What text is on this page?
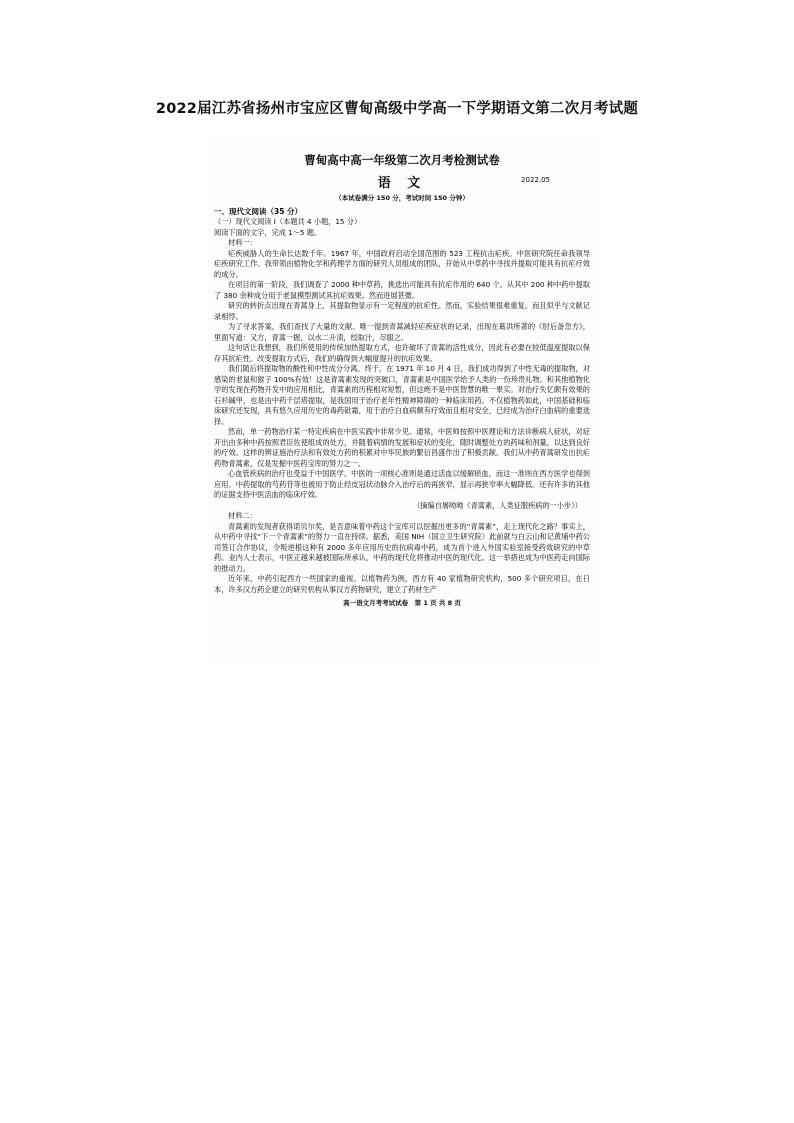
2022届江苏省扬州市宝应区曹甸高级中学高一下学期语文第二次月考试题
曹甸高中高一年级第二次月考检测试卷
语 文	2022.05
（本试卷满分 150 分，考试时间 150 分钟）
一、现代文阅读（35 分）
（一）现代文阅读 I（本题共 4 小题，15 分）
阅读下面的文字，完成 1～5 题。
材料一：

疟疾威胁人的生命长达数千年。1967 年，中国政府启动全国范围的 523 工程抗击疟疾。中医研究院任命我领导疟疾研究工作。我带领由植物化学和药理学方面的研究人员组成的团队，开始从中草药中寻找并提取可能具有抗疟疗效的成分。

在项目的第一阶段，我们调查了 2000 种中草药，挑选出可能具有抗疟作用的 640 个。从其中 200 种中药中提取了 380 余种成分用于老鼠模型测试其抗疟效果。然而进展甚微。

研究的转折点出现在青蒿身上，其提取物显示有一定程度的抗疟性。然而，实验结果很难重复，而且似乎与文献记录相悖。

为了寻求答案，我们查找了大量的文献。唯一提到青蒿减轻疟疾症状的记录，出现在葛洪所著的《肘后备急方》，里面写道：又方，青蒿一握，以水二升渍，绞取汁，尽服之。

这句话让我想到，我们所使用的传统加热提取方式，也许破坏了青蒿的活性成分，因此有必要在较低温度提取以保存其抗疟性。改变提取方式后，我们的确得到大幅度提升的抗疟效果。

我们随后将提取物的酸性和中性成分分离。终于，在 1971 年 10 月 4 日，我们成功得到了中性无毒的提取物，对感染的老鼠和猴子 100%有效！这是青蒿素发现的突破口，青蒿素是中国医学给予人类的一份珍贵礼物。和其他植物化学的发现在药物开发中的应用相比，青蒿素的历程相对短暂，但这绝不是中医智慧的唯一果实。对治疗失忆颇有效果的石杉碱甲，也是由中药千层塔提取，是我国用于治疗老年性精神障碍的一种临床用药。不仅植物药如此，中国基础和临床研究还发现，具有悠久应用历史的毒药砒霜，用于治疗白血病颇有疗效而且相对安全，已经成为治疗白血病的重要选择。

然而，单一药物治疗某一特定疾病在中医实践中非常少见。通常，中医师按照中医理论和方法诊断病人症状，对症开出由多种中药按照君臣佐使组成的处方，并随着病情的发展和症状的变化，随时调整处方的药味和剂量，以达到良好的疗效。这样的辨证施治疗法和有效处方药的积累对中华民族的繁衍昌盛作出了积极贡献。我们从中药青蒿研发出抗疟药物青蒿素，仅是发掘中医药宝库的努力之一。

心血管疾病的治疗也受益于中国医学。中医的一项核心准则是通过活血以缓解瘀血，而这一准则在西方医学也得到应用。中药提取的芍药苷等也被用于防止经皮冠状动脉介入治疗后的再狭窄，显示再狭窄率大幅降低。还有许多的其他的证据支持中医活血的临床疗效。

（摘编自屠呦呦《青蒿素，人类征服疾病的一小步》）
材料二：

青蒿素的发现者获得诺贝尔奖，是否意味着中药这个宝库可以挖掘出更多的“青蒿素”，走上现代化之路？事实上，从中药中寻找“下一个青蒿素”的努力一直在持续。据悉，美国 NIH（国立卫生研究院）此前就与白云山和记黄埔中药公司签订合作协议，令叛逆根这种有 2000 多年应用历史的抗病毒中药，成为首个进入外国实验室接受药效研究的中草药。业内人士表示，中医正越来越被国际所承认，中药的现代化将推动中医的现代化。这一举措也成为中医药走向国际的推动力。

近年来，中药引起西方一些国家的重视。以植物药为例，西方有 40 家植物研究机构，500 多个研究项目，在日本，许多汉方药企建立的研究机构从事汉方药物研究，建立了药材生产

高一语文月考考试试卷　第 1 页 共 8 页
